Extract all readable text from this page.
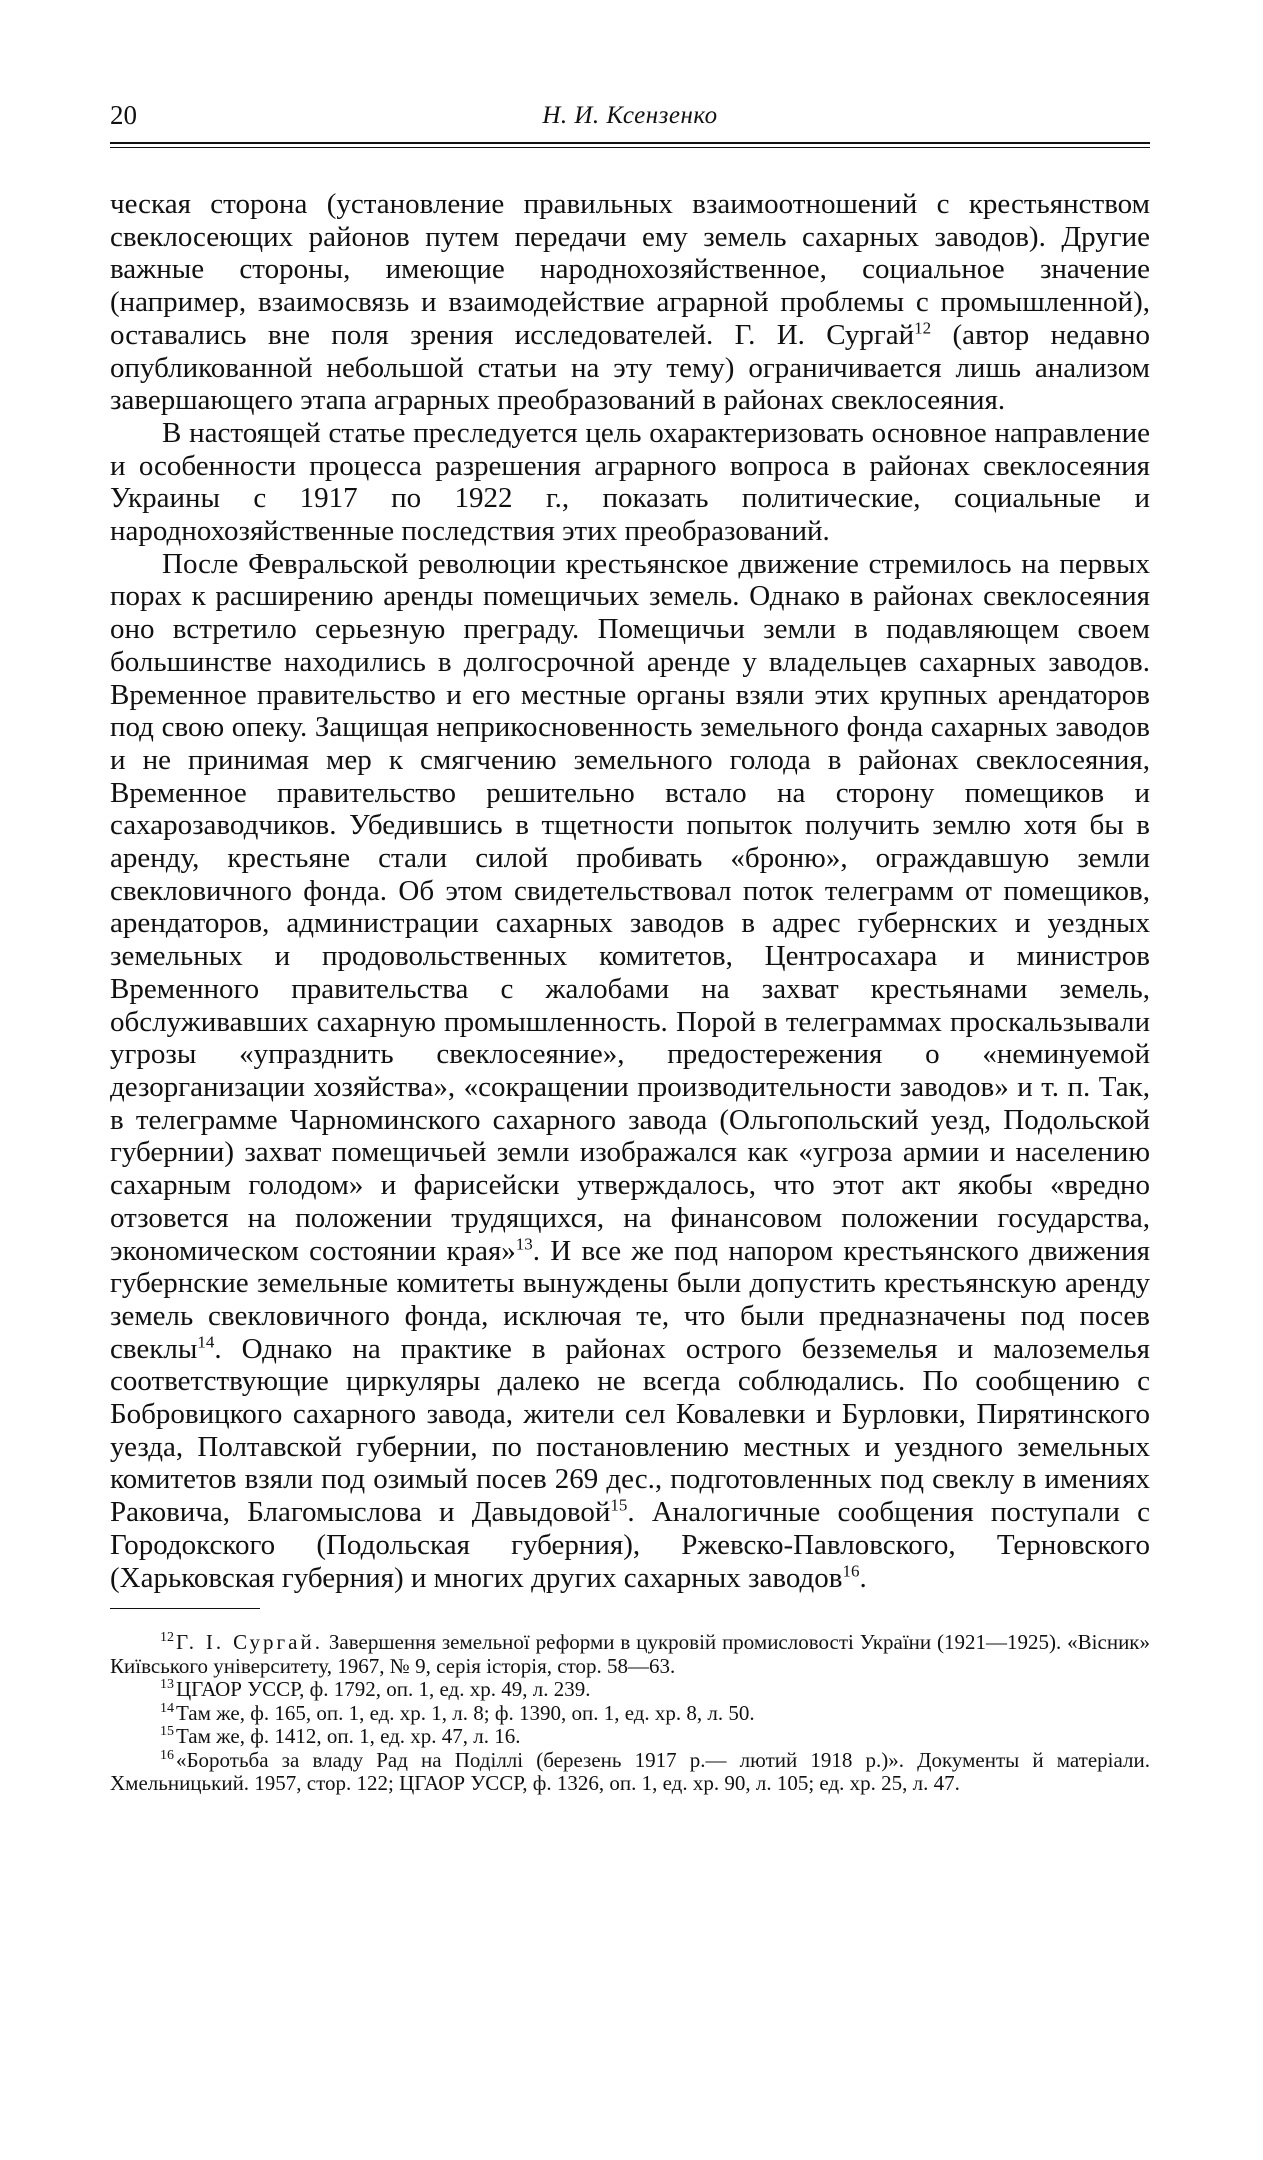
20	Н. И. Ксензенко

ческая сторона (установление правильных взаимоотношений с крестьянством свеклосеющих районов путем передачи ему земель сахарных заводов). Другие важные стороны, имеющие народнохозяйственное, социальное значение (например, взаимосвязь и взаимодействие аграрной проблемы с промышленной), оставались вне поля зрения исследователей. Г. И. Сургай$^{12}$ (автор недавно опубликованной небольшой статьи на эту тему) ограничивается лишь анализом завершающего этапа аграрных преобразований в районах свеклосеяния.

В настоящей статье преследуется цель охарактеризовать основное направление и особенности процесса разрешения аграрного вопроса в районах свеклосеяния Украины с 1917 по 1922 г., показать политические, социальные и народнохозяйственные последствия этих преобразований.

После Февральской революции крестьянское движение стремилось на первых порах к расширению аренды помещичьих земель. Однако в районах свеклосеяния оно встретило серьезную преграду. Помещичьи земли в подавляющем своем большинстве находились в долгосрочной аренде у владельцев сахарных заводов. Временное правительство и его местные органы взяли этих крупных арендаторов под свою опеку. Защищая неприкосновенность земельного фонда сахарных заводов и не принимая мер к смягчению земельного голода в районах свеклосеяния, Временное правительство решительно встало на сторону помещиков и сахарозаводчиков. Убедившись в тщетности попыток получить землю хотя бы в аренду, крестьяне стали силой пробивать «броню», ограждавшую земли свекловичного фонда. Об этом свидетельствовал поток телеграмм от помещиков, арендаторов, администрации сахарных заводов в адрес губернских и уездных земельных и продовольственных комитетов, Центросахара и министров Временного правительства с жалобами на захват крестьянами земель, обслуживавших сахарную промышленность. Порой в телеграммах проскальзывали угрозы «упразднить свеклосеяние», предостережения о «неминуемой дезорганизации хозяйства», «сокращении производительности заводов» и т. п. Так, в телеграмме Чарноминского сахарного завода (Ольгопольский уезд, Подольской губернии) захват помещичьей земли изображался как «угроза армии и населению сахарным голодом» и фарисейски утверждалось, что этот акт якобы «вредно отзовется на положении трудящихся, на финансовом положении государства, экономическом состоянии края»$^{13}$. И все же под напором крестьянского движения губернские земельные комитеты вынуждены были допустить крестьянскую аренду земель свекловичного фонда, исключая те, что были предназначены под посев свеклы$^{14}$. Однако на практике в районах острого безземелья и малоземелья соответствующие циркуляры далеко не всегда соблюдались. По сообщению с Бобровицкого сахарного завода, жители сел Ковалевки и Бурловки, Пирятинского уезда, Полтавской губернии, по постановлению местных и уездного земельных комитетов взяли под озимый посев 269 дес., подготовленных под свеклу в имениях Раковича, Благомыслова и Давыдовой$^{15}$. Аналогичные сообщения поступали с Городокского (Подольская губерния), Ржевско-Павловского, Терновского (Харьковская губерния) и многих других сахарных заводов$^{16}$.

$^{12}$Г. І. Сургай. Завершення земельної реформи в цукровій промисловості України (1921—1925). «Вісник» Київського університету, 1967, № 9, серія історія, стор. 58—63.

$^{13}$ЦГАОР УССР, ф. 1792, оп. 1, ед. хр. 49, л. 239.

$^{14}$Там же, ф. 165, оп. 1, ед. хр. 1, л. 8; ф. 1390, оп. 1, ед. хр. 8, л. 50.

$^{15}$Там же, ф. 1412, оп. 1, ед. хр. 47, л. 16.

$^{16}$«Боротьба за владу Рад на Поділлі (березень 1917 р.— лютий 1918 р.)». Документы й матеріали. Хмельницький. 1957, стор. 122; ЦГАОР УССР, ф. 1326, оп. 1, ед. хр. 90, л. 105; ед. хр. 25, л. 47.
